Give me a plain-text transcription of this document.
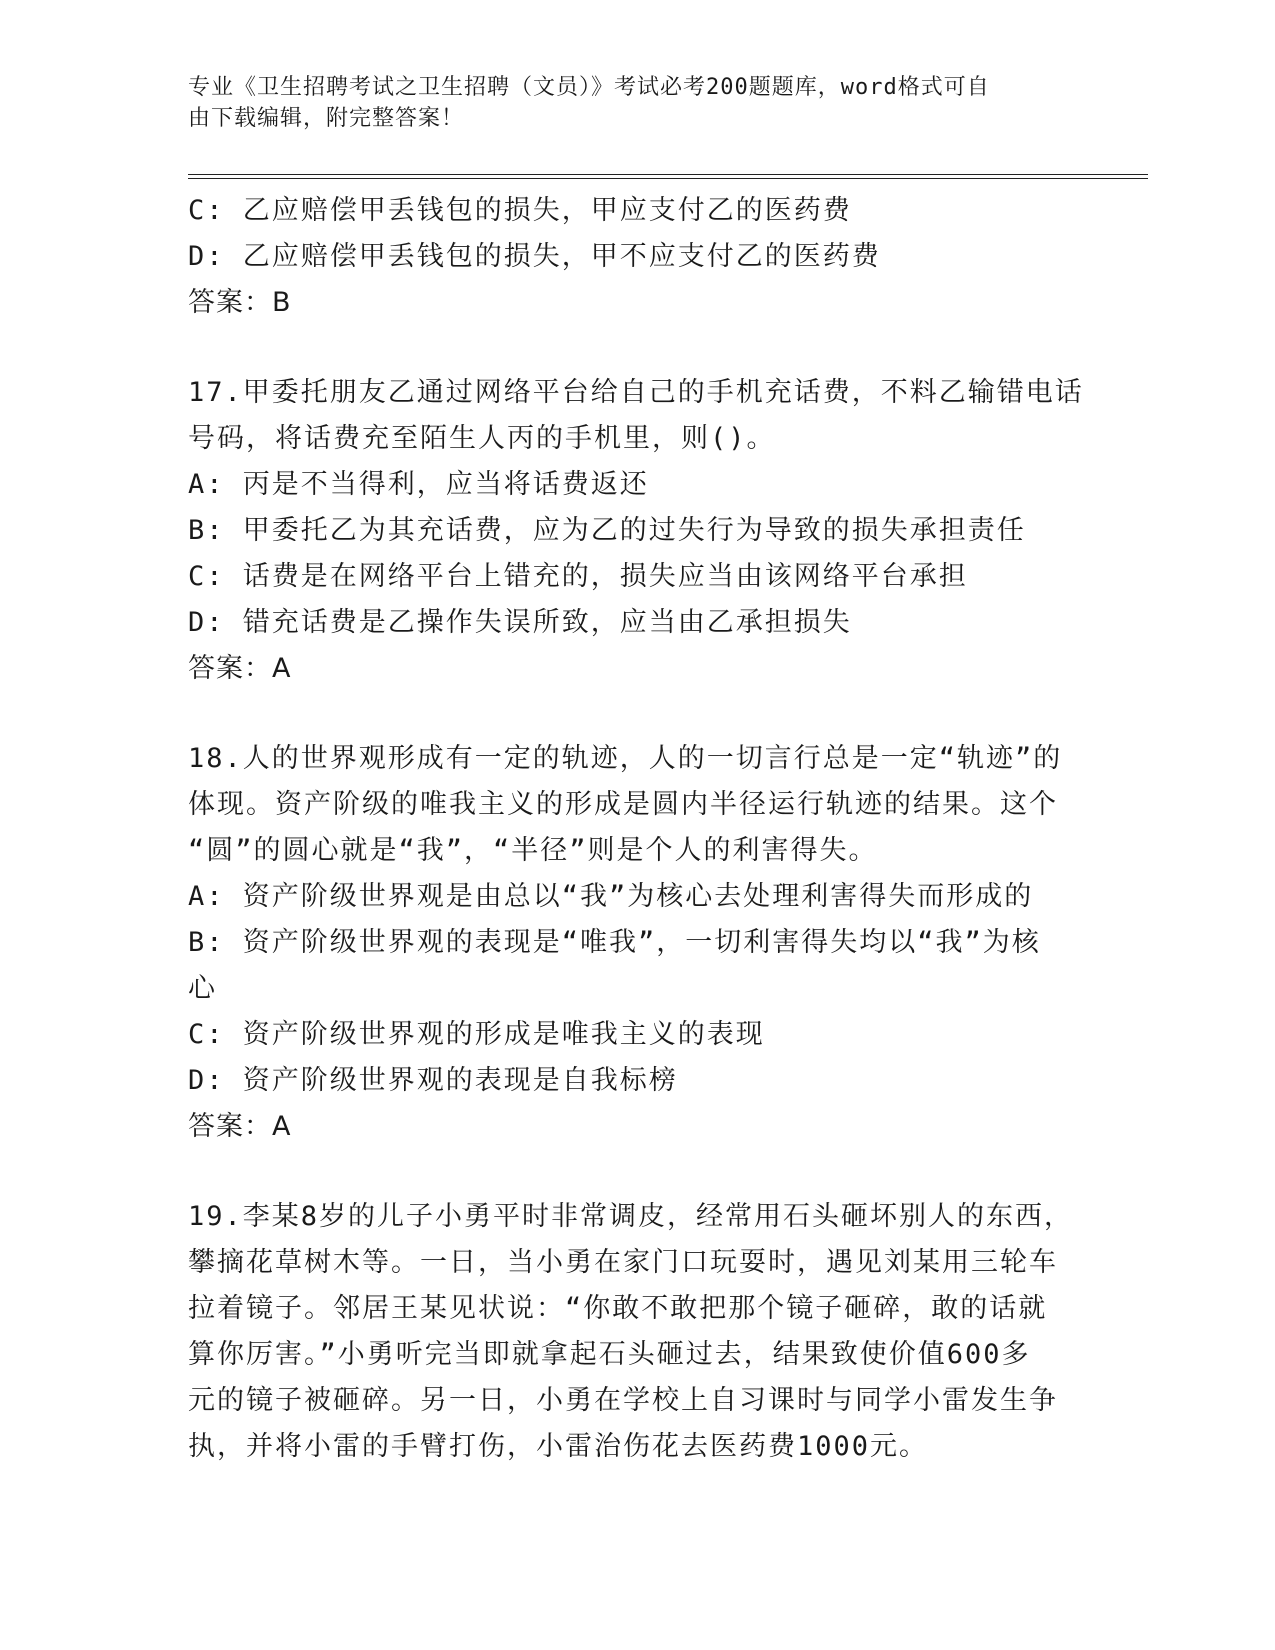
专业《卫生招聘考试之卫生招聘（文员）》考试必考200题题库，word格式可自
由下载编辑，附完整答案！
C: 乙应赔偿甲丢钱包的损失，甲应支付乙的医药费
D: 乙应赔偿甲丢钱包的损失，甲不应支付乙的医药费
答案：B
17.甲委托朋友乙通过网络平台给自己的手机充话费，不料乙输错电话
号码，将话费充至陌生人丙的手机里，则()。
A: 丙是不当得利，应当将话费返还
B: 甲委托乙为其充话费，应为乙的过失行为导致的损失承担责任
C: 话费是在网络平台上错充的，损失应当由该网络平台承担
D: 错充话费是乙操作失误所致，应当由乙承担损失
答案：A
18.人的世界观形成有一定的轨迹，人的一切言行总是一定“轨迹”的
体现。资产阶级的唯我主义的形成是圆内半径运行轨迹的结果。这个
“圆”的圆心就是“我”，“半径”则是个人的利害得失。
A: 资产阶级世界观是由总以“我”为核心去处理利害得失而形成的
B: 资产阶级世界观的表现是“唯我”，一切利害得失均以“我”为核
心
C: 资产阶级世界观的形成是唯我主义的表现
D: 资产阶级世界观的表现是自我标榜
答案：A
19.李某8岁的儿子小勇平时非常调皮，经常用石头砸坏别人的东西，
攀摘花草树木等。一日，当小勇在家门口玩耍时，遇见刘某用三轮车
拉着镜子。邻居王某见状说：“你敢不敢把那个镜子砸碎，敢的话就
算你厉害。”小勇听完当即就拿起石头砸过去，结果致使价值600多
元的镜子被砸碎。另一日，小勇在学校上自习课时与同学小雷发生争
执，并将小雷的手臂打伤，小雷治伤花去医药费1000元。
